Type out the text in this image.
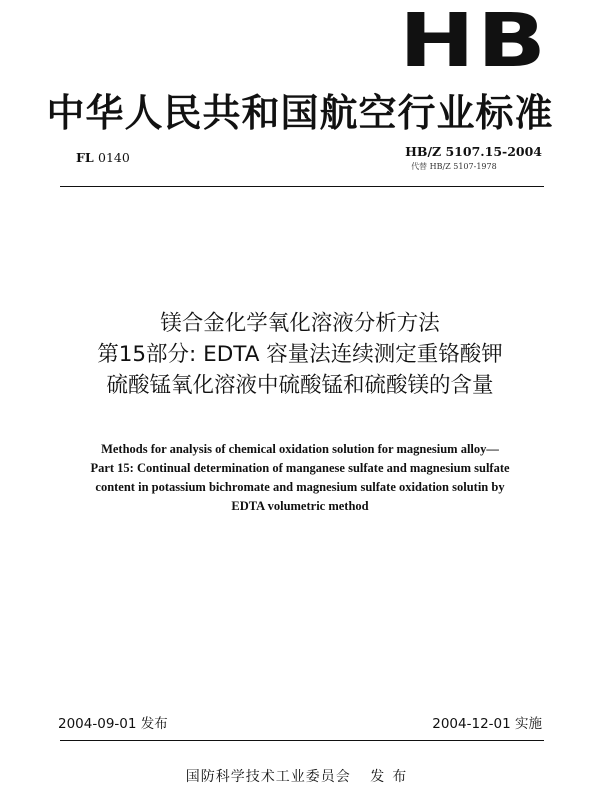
HB
中华人民共和国航空行业标准
FL 0140	HB/Z 5107.15-2004
代替 HB/Z 5107-1978
镁合金化学氧化溶液分析方法
第15部分: EDTA 容量法连续测定重铬酸钾
硫酸锰氧化溶液中硫酸锰和硫酸镁的含量
Methods for analysis of chemical oxidation solution for magnesium alloy—
Part 15: Continual determination of manganese sulfate and magnesium sulfate
content in potassium bichromate and magnesium sulfate oxidation solutin by
EDTA volumetric method
2004-09-01 发布	2004-12-01 实施
国防科学技术工业委员会 发布
